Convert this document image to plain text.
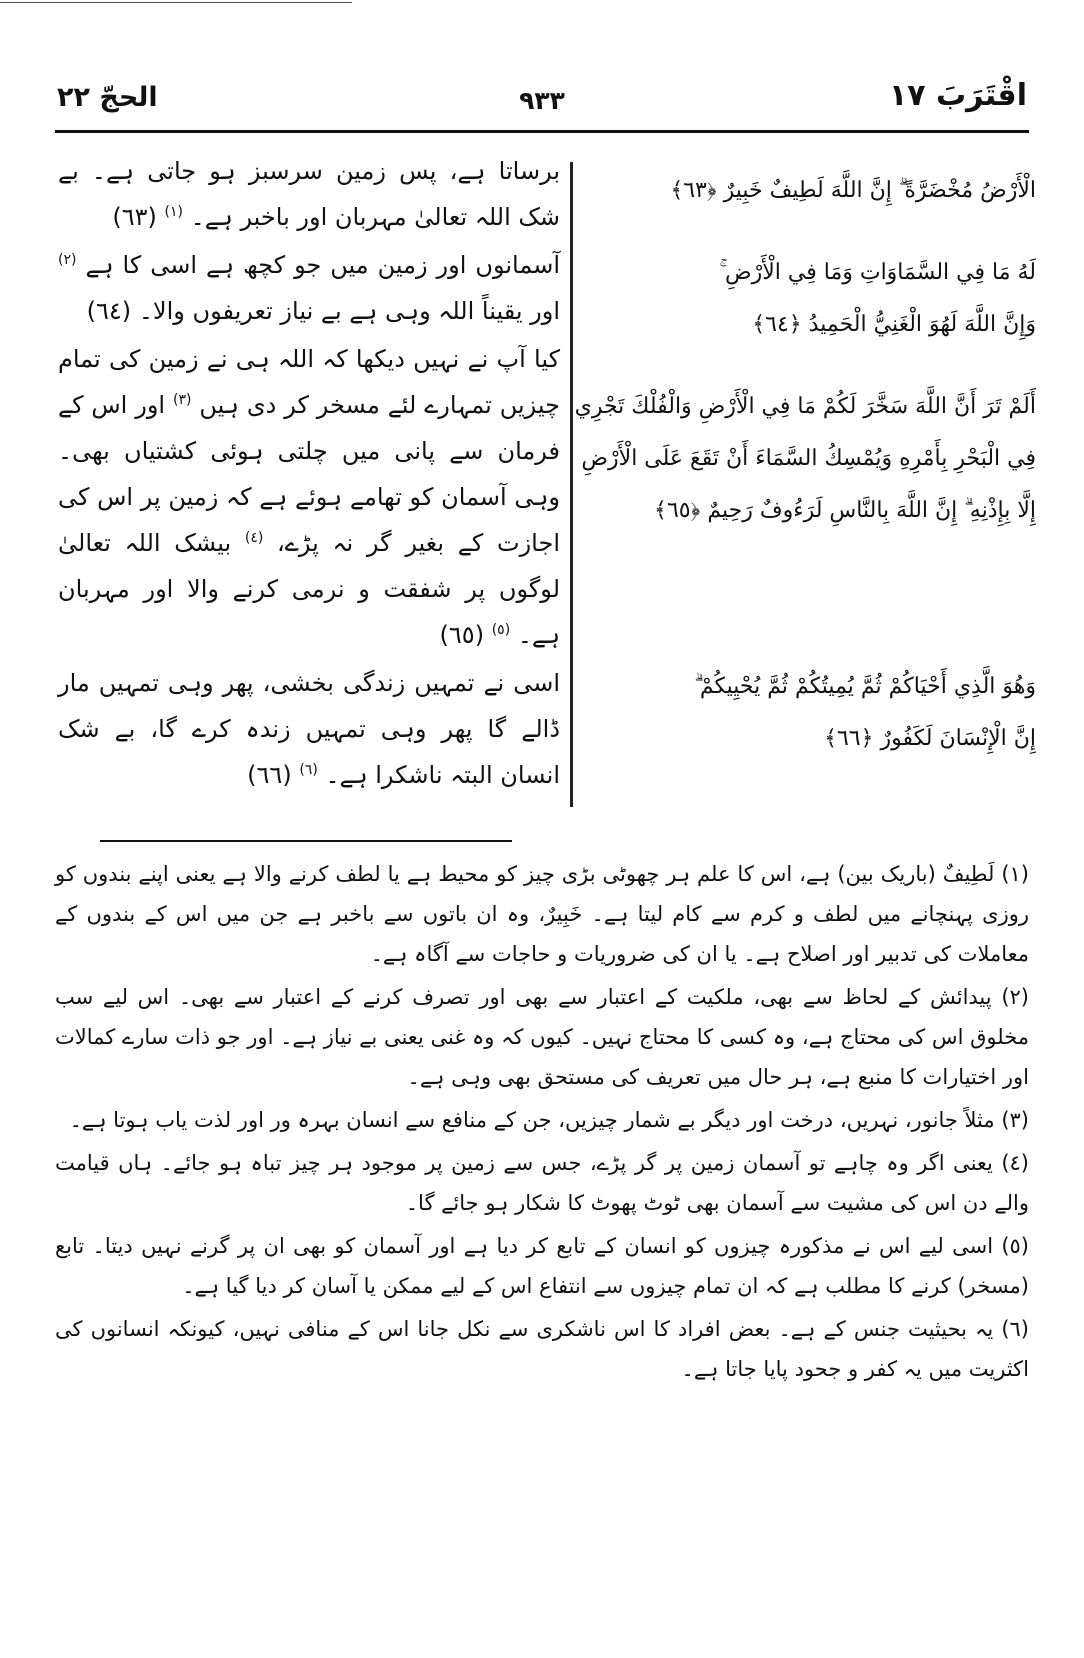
الحجّ ٢٢	٩٣٣	اقْتَرَبَ ١٧

برساتا ہے، پس زمین سرسبز ہو جاتی ہے۔ بے شک اللہ تعالیٰ مہربان اور باخبر ہے۔ $^{(١)}$ (٦٣)

آسمانوں اور زمین میں جو کچھ ہے اسی کا ہے $^{(٢)}$ اور یقیناً اللہ وہی ہے بے نیاز تعریفوں والا۔ (٦٤)

کیا آپ نے نہیں دیکھا کہ اللہ ہی نے زمین کی تمام چیزیں تمہارے لئے مسخر کر دی ہیں $^{(٣)}$ اور اس کے فرمان سے پانی میں چلتی ہوئی کشتیاں بھی۔ وہی آسمان کو تھامے ہوئے ہے کہ زمین پر اس کی اجازت کے بغیر گر نہ پڑے، $^{(٤)}$ بیشک اللہ تعالیٰ لوگوں پر شفقت و نرمی کرنے والا اور مہربان ہے۔ $^{(٥)}$ (٦٥)

اسی نے تمہیں زندگی بخشی، پھر وہی تمہیں مار ڈالے گا پھر وہی تمہیں زندہ کرے گا، بے شک انسان البتہ ناشکرا ہے۔ $^{(٦)}$ (٦٦)

الْأَرْضُ مُخْضَرَّةً ۗ إِنَّ اللَّهَ لَطِيفٌ خَبِيرٌ ﴿٦٣﴾
لَهُ مَا فِي السَّمَاوَاتِ وَمَا فِي الْأَرْضِ ۚ
وَإِنَّ اللَّهَ لَهُوَ الْغَنِيُّ الْحَمِيدُ ﴿٦٤﴾
أَلَمْ تَرَ أَنَّ اللَّهَ سَخَّرَ لَكُمْ مَا فِي الْأَرْضِ وَالْفُلْكَ تَجْرِي
فِي الْبَحْرِ بِأَمْرِهِ وَيُمْسِكُ السَّمَاءَ أَنْ تَقَعَ عَلَى الْأَرْضِ
إِلَّا بِإِذْنِهِ ۗ إِنَّ اللَّهَ بِالنَّاسِ لَرَءُوفٌ رَحِيمٌ ﴿٦٥﴾
وَهُوَ الَّذِي أَحْيَاكُمْ ثُمَّ يُمِيتُكُمْ ثُمَّ يُحْيِيكُمْ ۗ
إِنَّ الْإِنْسَانَ لَكَفُورٌ ﴿٦٦﴾

(١) لَطِيفٌ (باریک بین) ہے، اس کا علم ہر چھوٹی بڑی چیز کو محیط ہے یا لطف کرنے والا ہے یعنی اپنے بندوں کو روزی پہنچانے میں لطف و کرم سے کام لیتا ہے۔ خَبِيرٌ، وہ ان باتوں سے باخبر ہے جن میں اس کے بندوں کے معاملات کی تدبیر اور اصلاح ہے۔ یا ان کی ضروریات و حاجات سے آگاہ ہے۔

(٢) پیدائش کے لحاظ سے بھی، ملکیت کے اعتبار سے بھی اور تصرف کرنے کے اعتبار سے بھی۔ اس لیے سب مخلوق اس کی محتاج ہے، وہ کسی کا محتاج نہیں۔ کیوں کہ وہ غنی یعنی بے نیاز ہے۔ اور جو ذات سارے کمالات اور اختیارات کا منبع ہے، ہر حال میں تعریف کی مستحق بھی وہی ہے۔

(٣) مثلاً جانور، نہریں، درخت اور دیگر بے شمار چیزیں، جن کے منافع سے انسان بہرہ ور اور لذت یاب ہوتا ہے۔

(٤) یعنی اگر وہ چاہے تو آسمان زمین پر گر پڑے، جس سے زمین پر موجود ہر چیز تباہ ہو جائے۔ ہاں قیامت والے دن اس کی مشیت سے آسمان بھی ٹوٹ پھوٹ کا شکار ہو جائے گا۔

(٥) اسی لیے اس نے مذکورہ چیزوں کو انسان کے تابع کر دیا ہے اور آسمان کو بھی ان پر گرنے نہیں دیتا۔ تابع (مسخر) کرنے کا مطلب ہے کہ ان تمام چیزوں سے انتفاع اس کے لیے ممکن یا آسان کر دیا گیا ہے۔

(٦) یہ بحیثیت جنس کے ہے۔ بعض افراد کا اس ناشکری سے نکل جانا اس کے منافی نہیں، کیونکہ انسانوں کی اکثریت میں یہ کفر و جحود پایا جاتا ہے۔
